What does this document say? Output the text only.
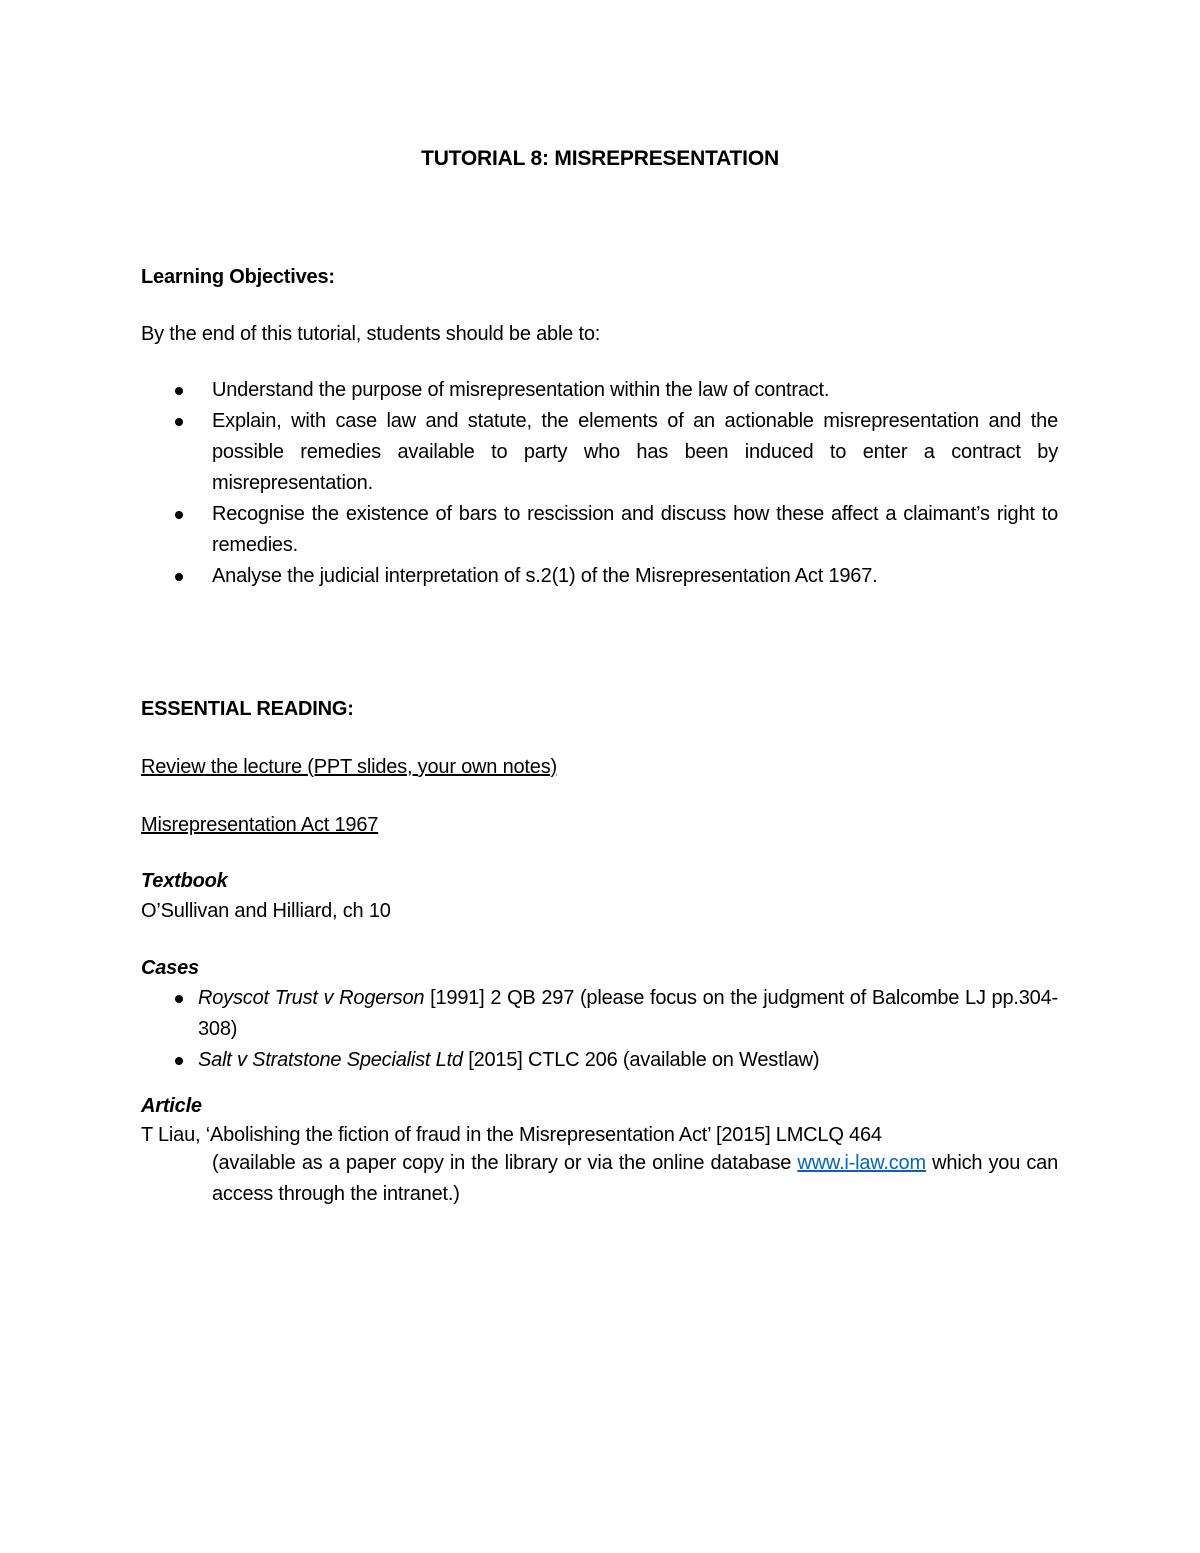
TUTORIAL 8: MISREPRESENTATION
Learning Objectives:
By the end of this tutorial, students should be able to:
Understand the purpose of misrepresentation within the law of contract.
Explain, with case law and statute, the elements of an actionable misrepresentation and the possible remedies available to party who has been induced to enter a contract by misrepresentation.
Recognise the existence of bars to rescission and discuss how these affect a claimant’s right to remedies.
Analyse the judicial interpretation of s.2(1) of the Misrepresentation Act 1967.
ESSENTIAL READING:
Review the lecture (PPT slides, your own notes)
Misrepresentation Act 1967
Textbook
O’Sullivan and Hilliard, ch 10
Cases
Royscot Trust v Rogerson [1991] 2 QB 297 (please focus on the judgment of Balcombe LJ pp.304-308)
Salt v Stratstone Specialist Ltd [2015] CTLC 206 (available on Westlaw)
Article
T Liau, ‘Abolishing the fiction of fraud in the Misrepresentation Act’ [2015] LMCLQ 464
(available as a paper copy in the library or via the online database www.i-law.com which you can access through the intranet.)
